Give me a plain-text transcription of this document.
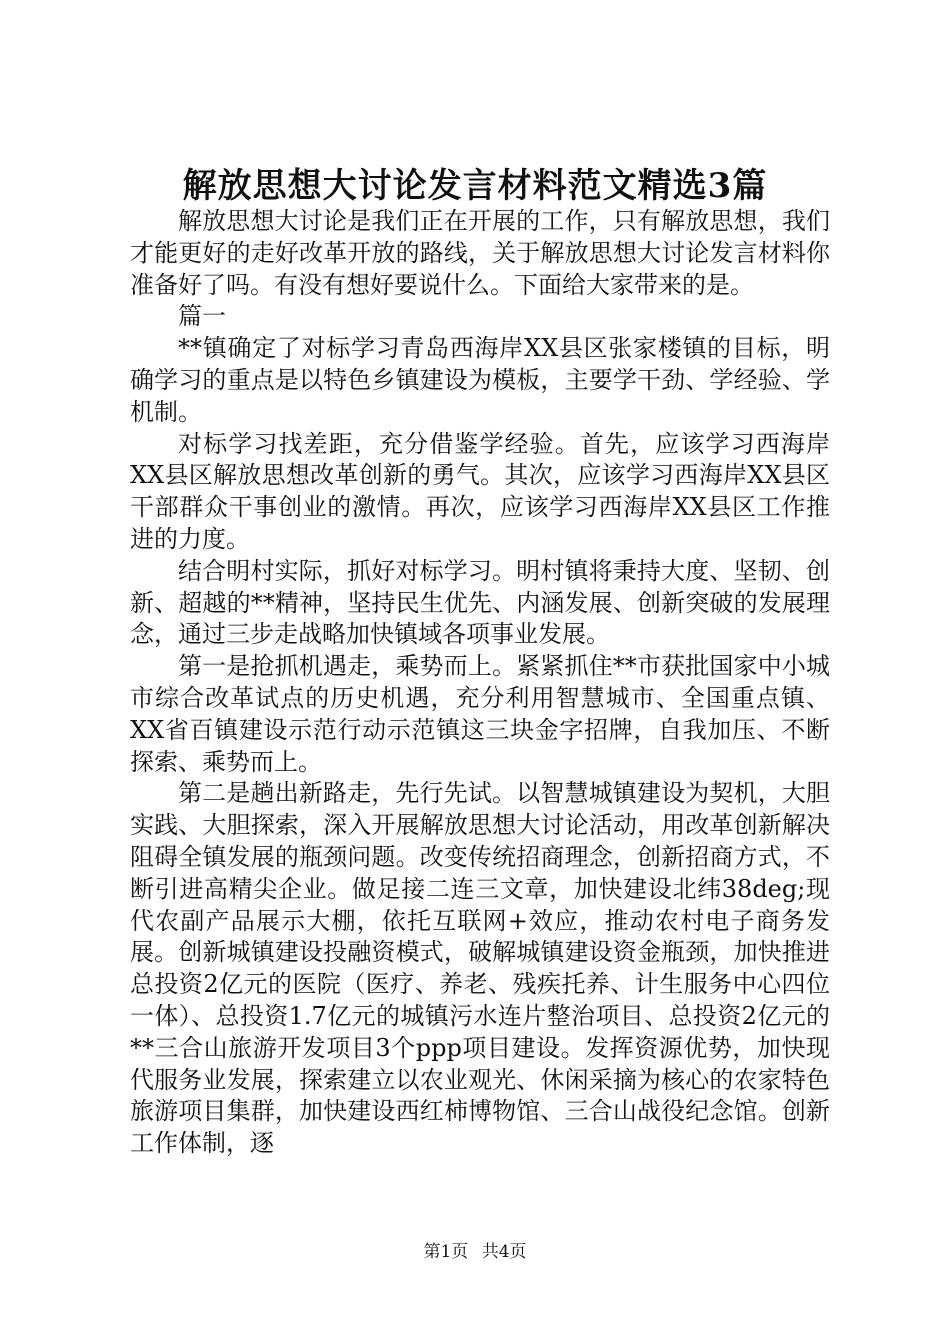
解放思想大讨论发言材料范文精选3篇

解放思想大讨论是我们正在开展的工作，只有解放思想，我们才能更好的走好改革开放的路线，关于解放思想大讨论发言材料你准备好了吗。有没有想好要说什么。下面给大家带来的是。

篇一

**镇确定了对标学习青岛西海岸XX县区张家楼镇的目标，明确学习的重点是以特色乡镇建设为模板，主要学干劲、学经验、学机制。

对标学习找差距，充分借鉴学经验。首先，应该学习西海岸XX县区解放思想改革创新的勇气。其次，应该学习西海岸XX县区干部群众干事创业的激情。再次，应该学习西海岸XX县区工作推进的力度。

结合明村实际，抓好对标学习。明村镇将秉持大度、坚韧、创新、超越的**精神，坚持民生优先、内涵发展、创新突破的发展理念，通过三步走战略加快镇域各项事业发展。

第一是抢抓机遇走，乘势而上。紧紧抓住**市获批国家中小城市综合改革试点的历史机遇，充分利用智慧城市、全国重点镇、XX省百镇建设示范行动示范镇这三块金字招牌，自我加压、不断探索、乘势而上。

第二是趟出新路走，先行先试。以智慧城镇建设为契机，大胆实践、大胆探索，深入开展解放思想大讨论活动，用改革创新解决阻碍全镇发展的瓶颈问题。改变传统招商理念，创新招商方式，不断引进高精尖企业。做足接二连三文章，加快建设北纬38deg;现代农副产品展示大棚，依托互联网+效应，推动农村电子商务发展。创新城镇建设投融资模式，破解城镇建设资金瓶颈，加快推进总投资2亿元的医院（医疗、养老、残疾托养、计生服务中心四位一体）、总投资1.7亿元的城镇污水连片整治项目、总投资2亿元的**三合山旅游开发项目3个ppp项目建设。发挥资源优势，加快现代服务业发展，探索建立以农业观光、休闲采摘为核心的农家特色旅游项目集群，加快建设西红柿博物馆、三合山战役纪念馆。创新工作体制，逐

第1页 共4页
